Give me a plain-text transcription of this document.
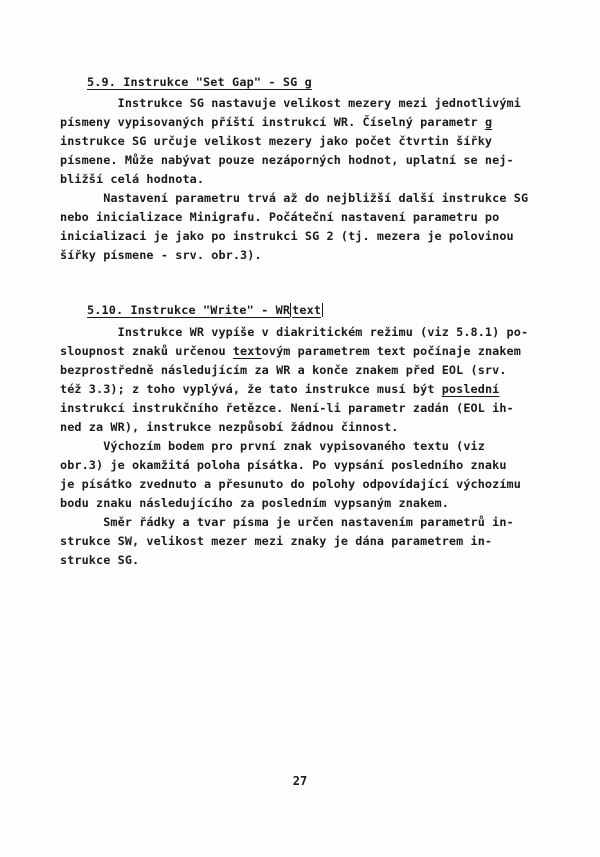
5.9. Instrukce "Set Gap" - SG g

Instrukce SG nastavuje velikost mezery mezi jednotlivými
písmeny vypisovaných příští instrukcí WR. Číselný parametr g
instrukce SG určuje velikost mezery jako počet čtvrtin šířky
písmene. Může nabývat pouze nezáporných hodnot, uplatní se nej-
bližší celá hodnota.
Nastavení parametru trvá až do nejbližší další instrukce SG
nebo inicializace Minigrafu. Počáteční nastavení parametru po
inicializaci je jako po instrukci SG 2 (tj. mezera je polovinou
šířky písmene - srv. obr.3).

5.10. Instrukce "Write" - WR text

Instrukce WR vypíše v diakritickém režimu (viz 5.8.1) po-
sloupnost znaků určenou textovým parametrem text počínaje znakem
bezprostředně následujícím za WR a konče znakem před EOL (srv.
též 3.3); z toho vyplývá, že tato instrukce musí být poslední
instrukcí instrukčního řetězce. Není-li parametr zadán (EOL ih-
ned za WR), instrukce nezpůsobí žádnou činnost.
Výchozím bodem pro první znak vypisovaného textu (viz
obr.3) je okamžitá poloha písátka. Po vypsání posledního znaku
je písátko zvednuto a přesunuto do polohy odpovídající výchozímu
bodu znaku následujícího za posledním vypsaným znakem.
Směr řádky a tvar písma je určen nastavením parametrů in-
strukce SW, velikost mezer mezi znaky je dána parametrem in-
strukce SG.
27
